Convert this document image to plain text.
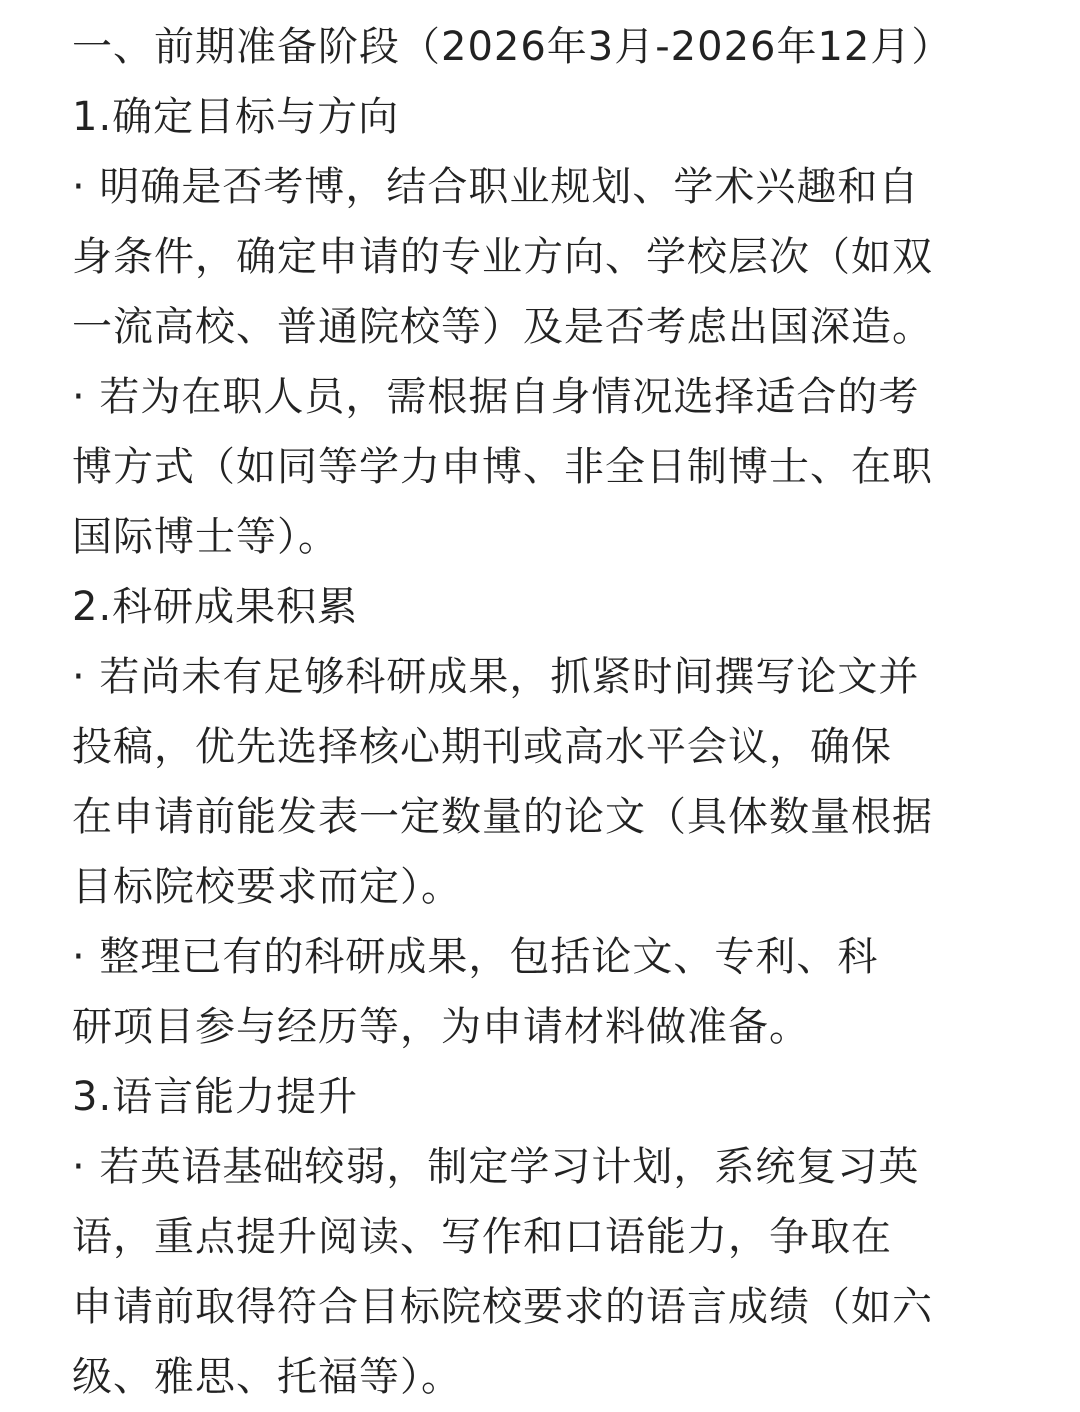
一、前期准备阶段（2026年3月-2026年12月）
1.确定目标与方向
· 明确是否考博，结合职业规划、学术兴趣和自
身条件，确定申请的专业方向、学校层次（如双
一流高校、普通院校等）及是否考虑出国深造。
· 若为在职人员，需根据自身情况选择适合的考
博方式（如同等学力申博、非全日制博士、在职
国际博士等）。
2.科研成果积累
· 若尚未有足够科研成果，抓紧时间撰写论文并
投稿，优先选择核心期刊或高水平会议，确保
在申请前能发表一定数量的论文（具体数量根据
目标院校要求而定）。
· 整理已有的科研成果，包括论文、专利、科
研项目参与经历等，为申请材料做准备。
3.语言能力提升
· 若英语基础较弱，制定学习计划，系统复习英
语，重点提升阅读、写作和口语能力，争取在
申请前取得符合目标院校要求的语言成绩（如六
级、雅思、托福等）。
